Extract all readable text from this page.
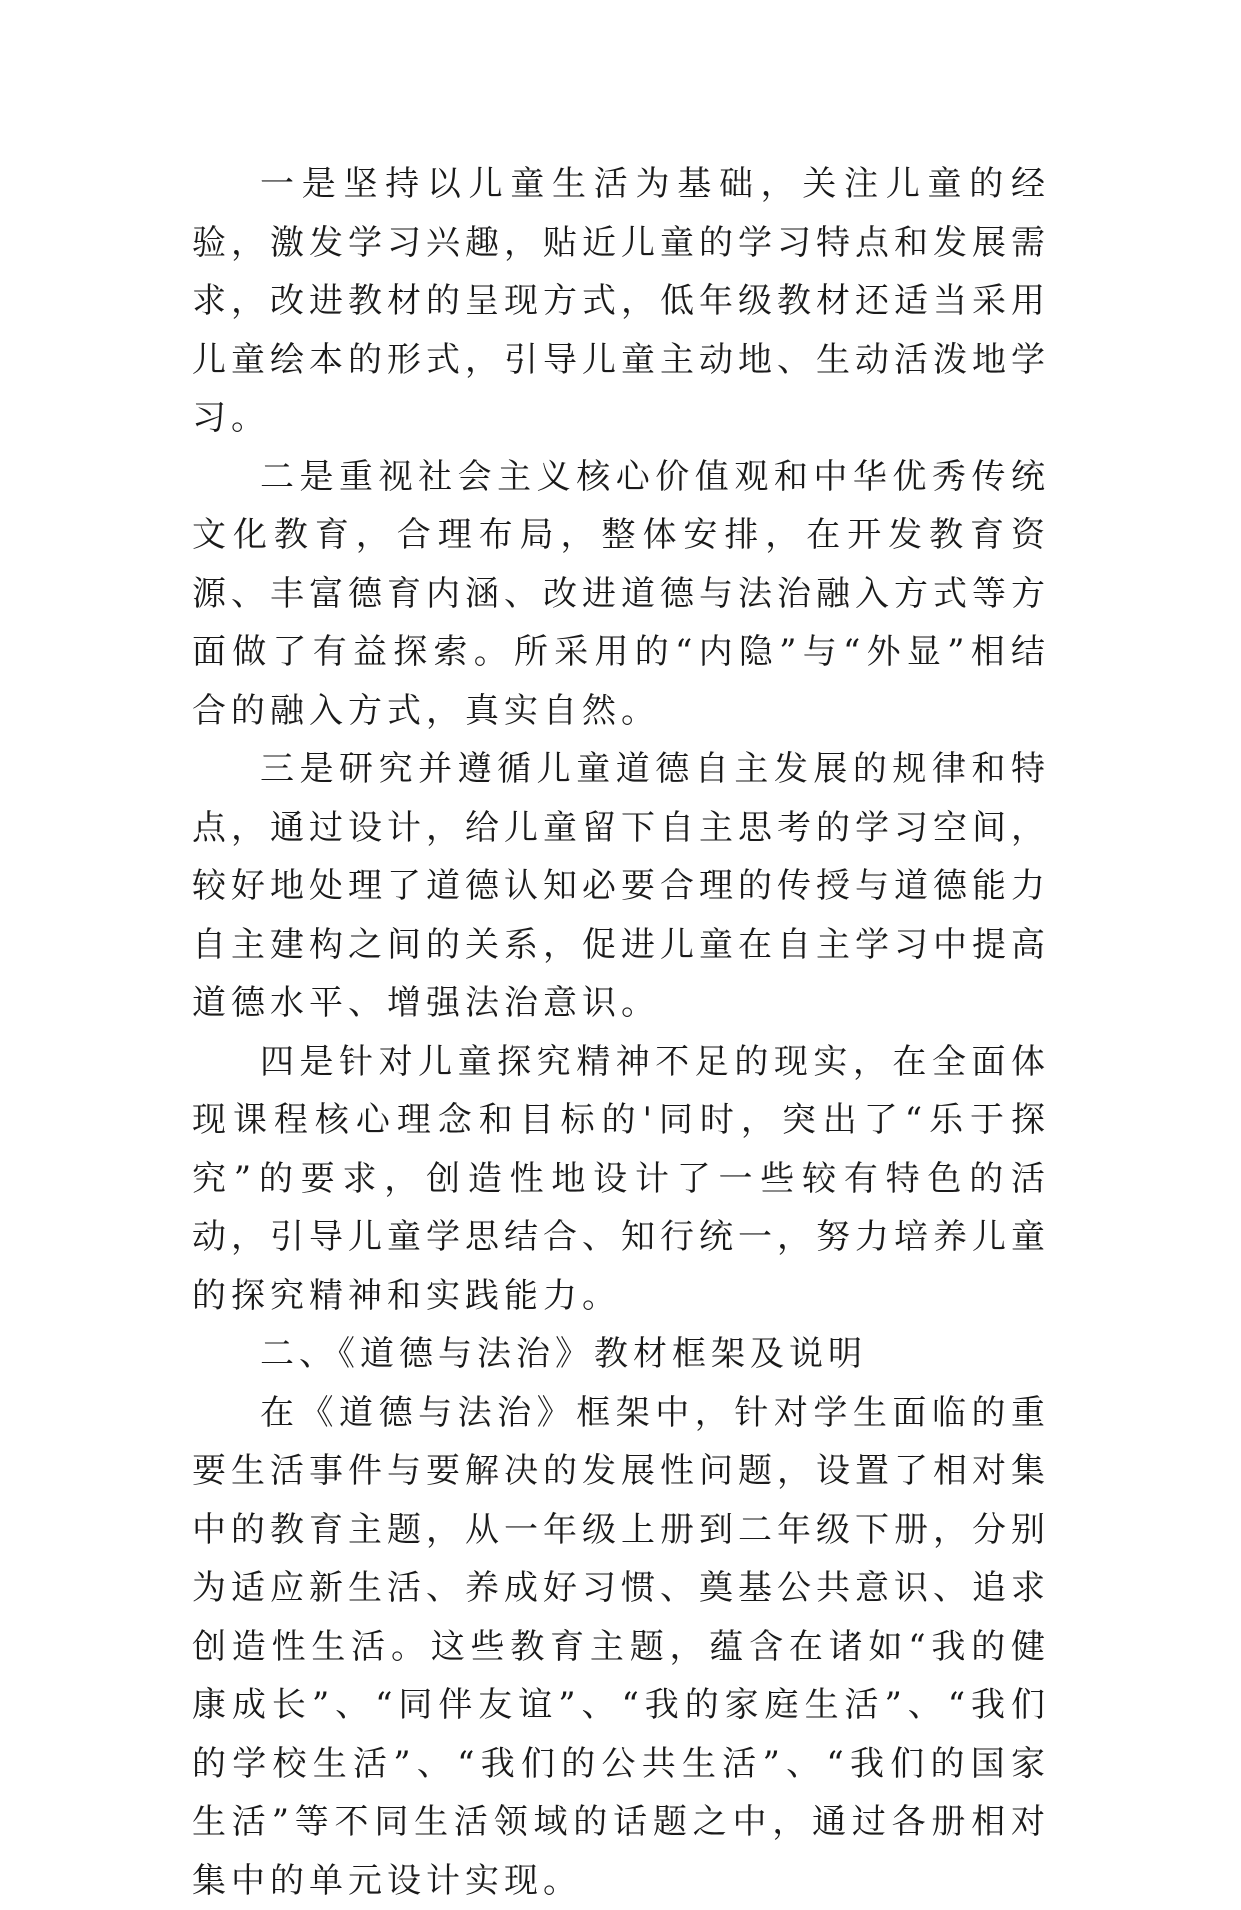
一是坚持以儿童生活为基础，关注儿童的经验，激发学习兴趣，贴近儿童的学习特点和发展需求，改进教材的呈现方式，低年级教材还适当采用儿童绘本的形式，引导儿童主动地、生动活泼地学习。

二是重视社会主义核心价值观和中华优秀传统文化教育，合理布局，整体安排，在开发教育资源、丰富德育内涵、改进道德与法治融入方式等方面做了有益探索。所采用的“内隐”与“外显”相结合的融入方式，真实自然。

三是研究并遵循儿童道德自主发展的规律和特点，通过设计，给儿童留下自主思考的学习空间，较好地处理了道德认知必要合理的传授与道德能力自主建构之间的关系，促进儿童在自主学习中提高道德水平、增强法治意识。

四是针对儿童探究精神不足的现实，在全面体现课程核心理念和目标的'同时，突出了“乐于探究”的要求，创造性地设计了一些较有特色的活动，引导儿童学思结合、知行统一，努力培养儿童的探究精神和实践能力。

二、《道德与法治》教材框架及说明

在《道德与法治》框架中，针对学生面临的重要生活事件与要解决的发展性问题，设置了相对集中的教育主题，从一年级上册到二年级下册，分别为适应新生活、养成好习惯、奠基公共意识、追求创造性生活。这些教育主题，蕴含在诸如“我的健康成长”、“同伴友谊”、“我的家庭生活”、“我们的学校生活”、“我们的公共生活”、“我们的国家生活”等不同生活领域的话题之中，通过各册相对集中的单元设计实现。
